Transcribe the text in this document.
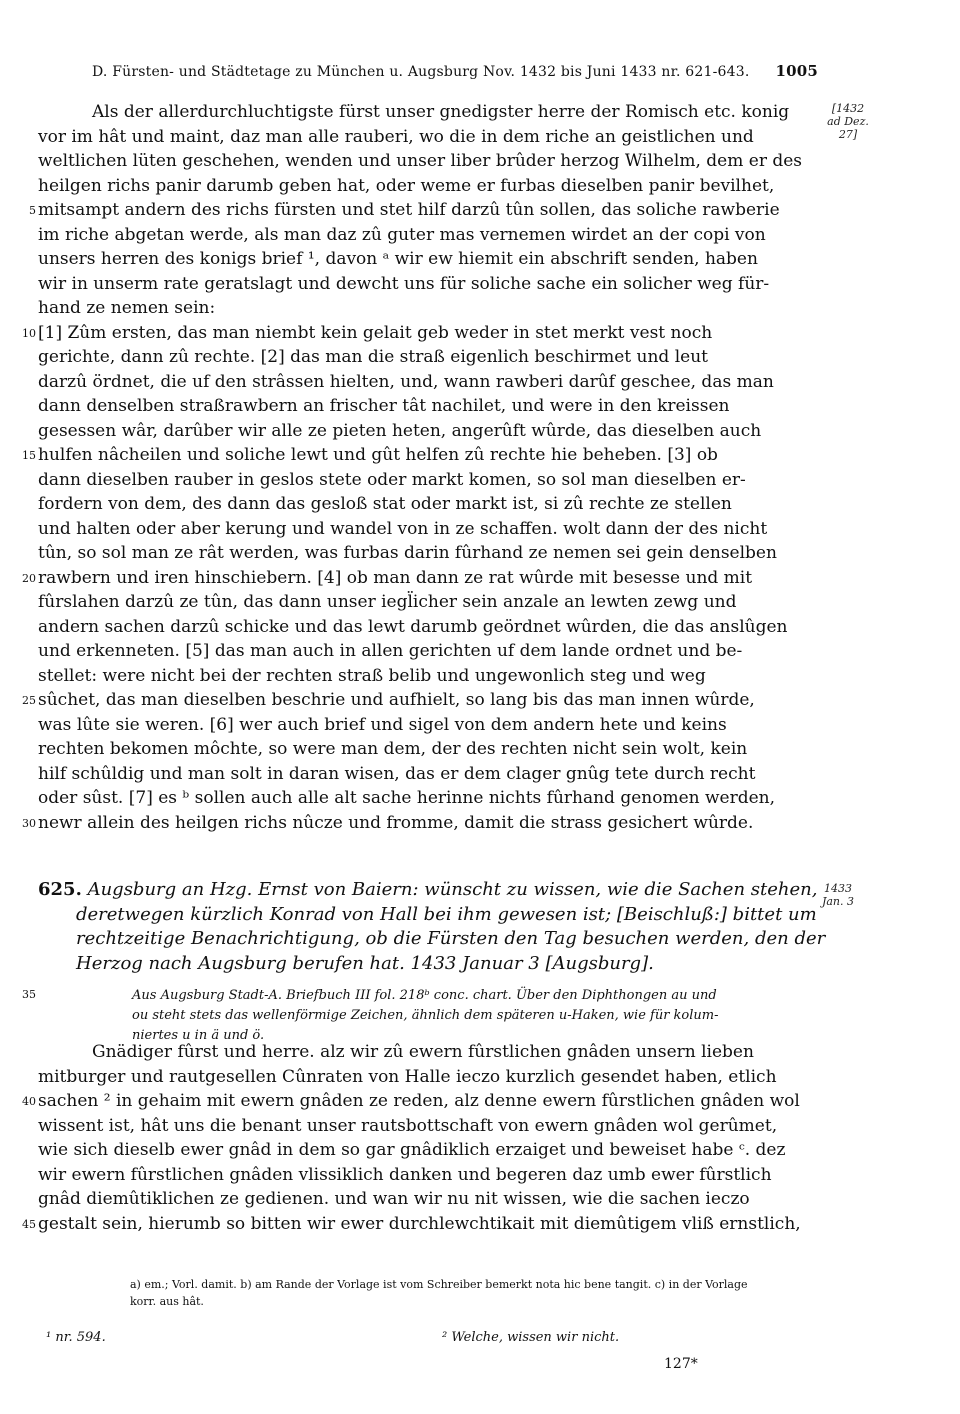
D. Fürsten- und Städtetage zu München u. Augsburg Nov. 1432 bis Juni 1433 nr. 621-643. 1005
[1432 ad Dez. 27]
Als der allerdurchluchtigste fürst unser gnedigster herre der Romisch etc. konig
vor im hât und maint, daz man alle rauberi, wo die in dem riche an geistlichen und
weltlichen lüten geschehen, wenden und unser liber brûder herzog Wilhelm, dem er des
heilgen richs panir darumb geben hat, oder weme er furbas dieselben panir bevilhet,
5 mitsampt andern des richs fürsten und stet hilf darzû tûn sollen, das soliche rawberie
im riche abgetan werde, als man daz zû guter mas vernemen wirdet an der copi von
unsers herren des konigs brief ¹, davon ᵃ wir ew hiemit ein abschrift senden, haben
wir in unserm rate geratslagt und dewcht uns für soliche sache ein solicher weg für-
hand ze nemen sein:
10 [1] Zûm ersten, das man niembt kein gelait geb weder in stet merkt vest noch
gerichte, dann zû rechte. [2] das man die straß eigenlich beschirmet und leut
darzû ördnet, die uf den strâssen hielten, und, wann rawberi darûf geschee, das man
dann denselben straßrawbern an frischer tât nachilet, und were in den kreissen
gesessen wâr, darûber wir alle ze pieten heten, angerûft wûrde, das dieselben auch
15 hulfen nâcheilen und soliche lewt und gût helfen zû rechte hie beheben. [3] ob
dann dieselben rauber in geslos stete oder markt komen, so sol man dieselben er-
fordern von dem, des dann das gesloß stat oder markt ist, si zû rechte ze stellen
und halten oder aber kerung und wandel von in ze schaffen. wolt dann der des nicht
tûn, so sol man ze rât werden, was furbas darin fûrhand ze nemen sei gein denselben
20 rawbern und iren hinschiebern. [4] ob man dann ze rat wûrde mit besesse und mit
fûrslahen darzû ze tûn, das dann unser iegl̈icher sein anzale an lewten zewg und
andern sachen darzû schicke und das lewt darumb geördnet wûrden, die das anslûgen
und erkenneten. [5] das man auch in allen gerichten uf dem lande ordnet und be-
stellet: were nicht bei der rechten straß belib und ungewonlich steg und weg
25 sûchet, das man dieselben beschrie und aufhielt, so lang bis das man innen wûrde,
was lûte sie weren. [6] wer auch brief und sigel von dem andern hete und keins
rechten bekomen môchte, so were man dem, der des rechten nicht sein wolt, kein
hilf schûldig und man solt in daran wisen, das er dem clager gnûg tete durch recht
oder sûst. [7] es ᵇ sollen auch alle alt sache herinne nichts fûrhand genomen werden,
30 newr allein des heilgen richs nûcze und fromme, damit die strass gesichert wûrde.
625. Augsburg an Hzg. Ernst von Baiern: wünscht zu wissen, wie die Sachen stehen,
deretwegen kürzlich Konrad von Hall bei ihm gewesen ist; [Beischluß:] bittet um
rechtzeitige Benachrichtigung, ob die Fürsten den Tag besuchen werden, den der
Herzog nach Augsburg berufen hat. 1433 Januar 3 [Augsburg].
1433 Jan. 3
35	Aus Augsburg Stadt-A. Briefbuch III fol. 218ᵇ conc. chart. Über den Diphthongen au und
ou steht stets das wellenförmige Zeichen, ähnlich dem späteren u-Haken, wie für kolum-
niertes u in ä und ö.
Gnädiger fûrst und herre. alz wir zû ewern fûrstlichen gnâden unsern lieben
mitburger und rautgesellen Cûnraten von Halle ieczo kurzlich gesendet haben, etlich
40 sachen ² in gehaim mit ewern gnâden ze reden, alz denne ewern fûrstlichen gnâden wol
wissent ist, hât uns die benant unser rautsbottschaft von ewern gnâden wol gerûmet,
wie sich dieselb ewer gnâd in dem so gar gnâdiklich erzaiget und beweiset habe ᶜ. dez
wir ewern fûrstlichen gnâden vlissiklich danken und begeren daz umb ewer fûrstlich
gnâd diemûtiklichen ze gedienen. und wan wir nu nit wissen, wie die sachen ieczo
45 gestalt sein, hierumb so bitten wir ewer durchlewchtikait mit diemûtigem vliß ernstlich,
a) em.; Vorl. damit. b) am Rande der Vorlage ist vom Schreiber bemerkt nota hic bene tangit. c) in der Vorlage
korr. aus hât.
¹ nr. 594.	² Welche, wissen wir nicht.
127*
